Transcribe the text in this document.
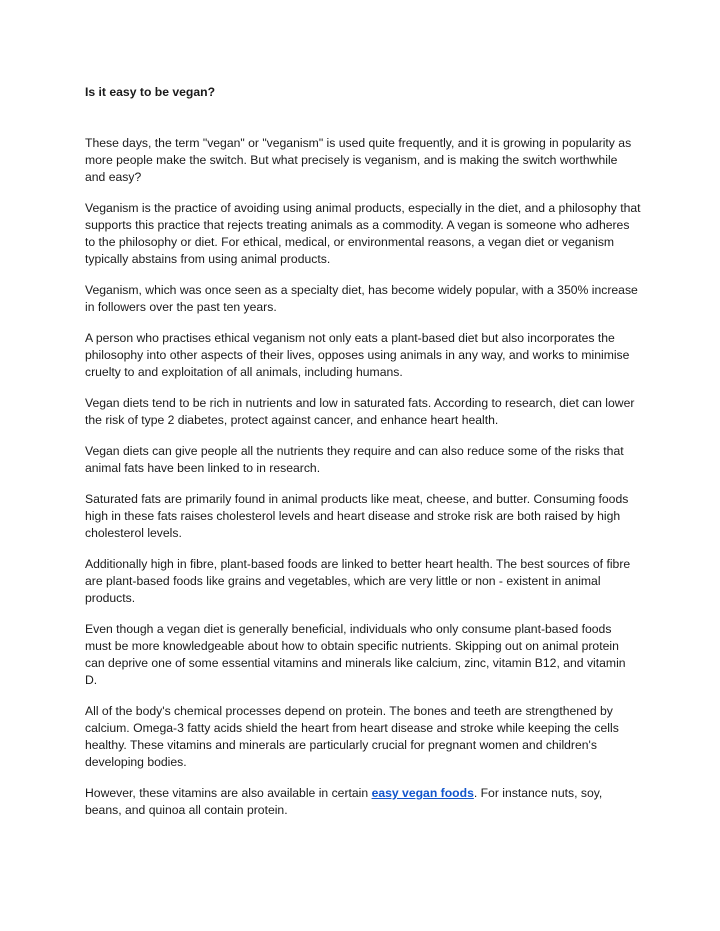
Is it easy to be vegan?

These days, the term "vegan" or "veganism" is used quite frequently, and it is growing in popularity as more people make the switch. But what precisely is veganism, and is making the switch worthwhile and easy?

Veganism is the practice of avoiding using animal products, especially in the diet, and a philosophy that supports this practice that rejects treating animals as a commodity. A vegan is someone who adheres to the philosophy or diet. For ethical, medical, or environmental reasons, a vegan diet or veganism typically abstains from using animal products.

Veganism, which was once seen as a specialty diet, has become widely popular, with a 350% increase in followers over the past ten years.

A person who practises ethical veganism not only eats a plant-based diet but also incorporates the philosophy into other aspects of their lives, opposes using animals in any way, and works to minimise cruelty to and exploitation of all animals, including humans.

Vegan diets tend to be rich in nutrients and low in saturated fats. According to research, diet can lower the risk of type 2 diabetes, protect against cancer, and enhance heart health.

Vegan diets can give people all the nutrients they require and can also reduce some of the risks that animal fats have been linked to in research.

Saturated fats are primarily found in animal products like meat, cheese, and butter. Consuming foods high in these fats raises cholesterol levels and heart disease and stroke risk are both raised by high cholesterol levels.

Additionally high in fibre, plant-based foods are linked to better heart health. The best sources of fibre are plant-based foods like grains and vegetables, which are very little or non - existent in animal products.

Even though a vegan diet is generally beneficial, individuals who only consume plant-based foods must be more knowledgeable about how to obtain specific nutrients. Skipping out on animal protein can deprive one of some essential vitamins and minerals like calcium, zinc, vitamin B12, and vitamin D.

All of the body's chemical processes depend on protein. The bones and teeth are strengthened by calcium. Omega-3 fatty acids shield the heart from heart disease and stroke while keeping the cells healthy. These vitamins and minerals are particularly crucial for pregnant women and children's developing bodies.

However, these vitamins are also available in certain easy vegan foods. For instance nuts, soy, beans, and quinoa all contain protein.
